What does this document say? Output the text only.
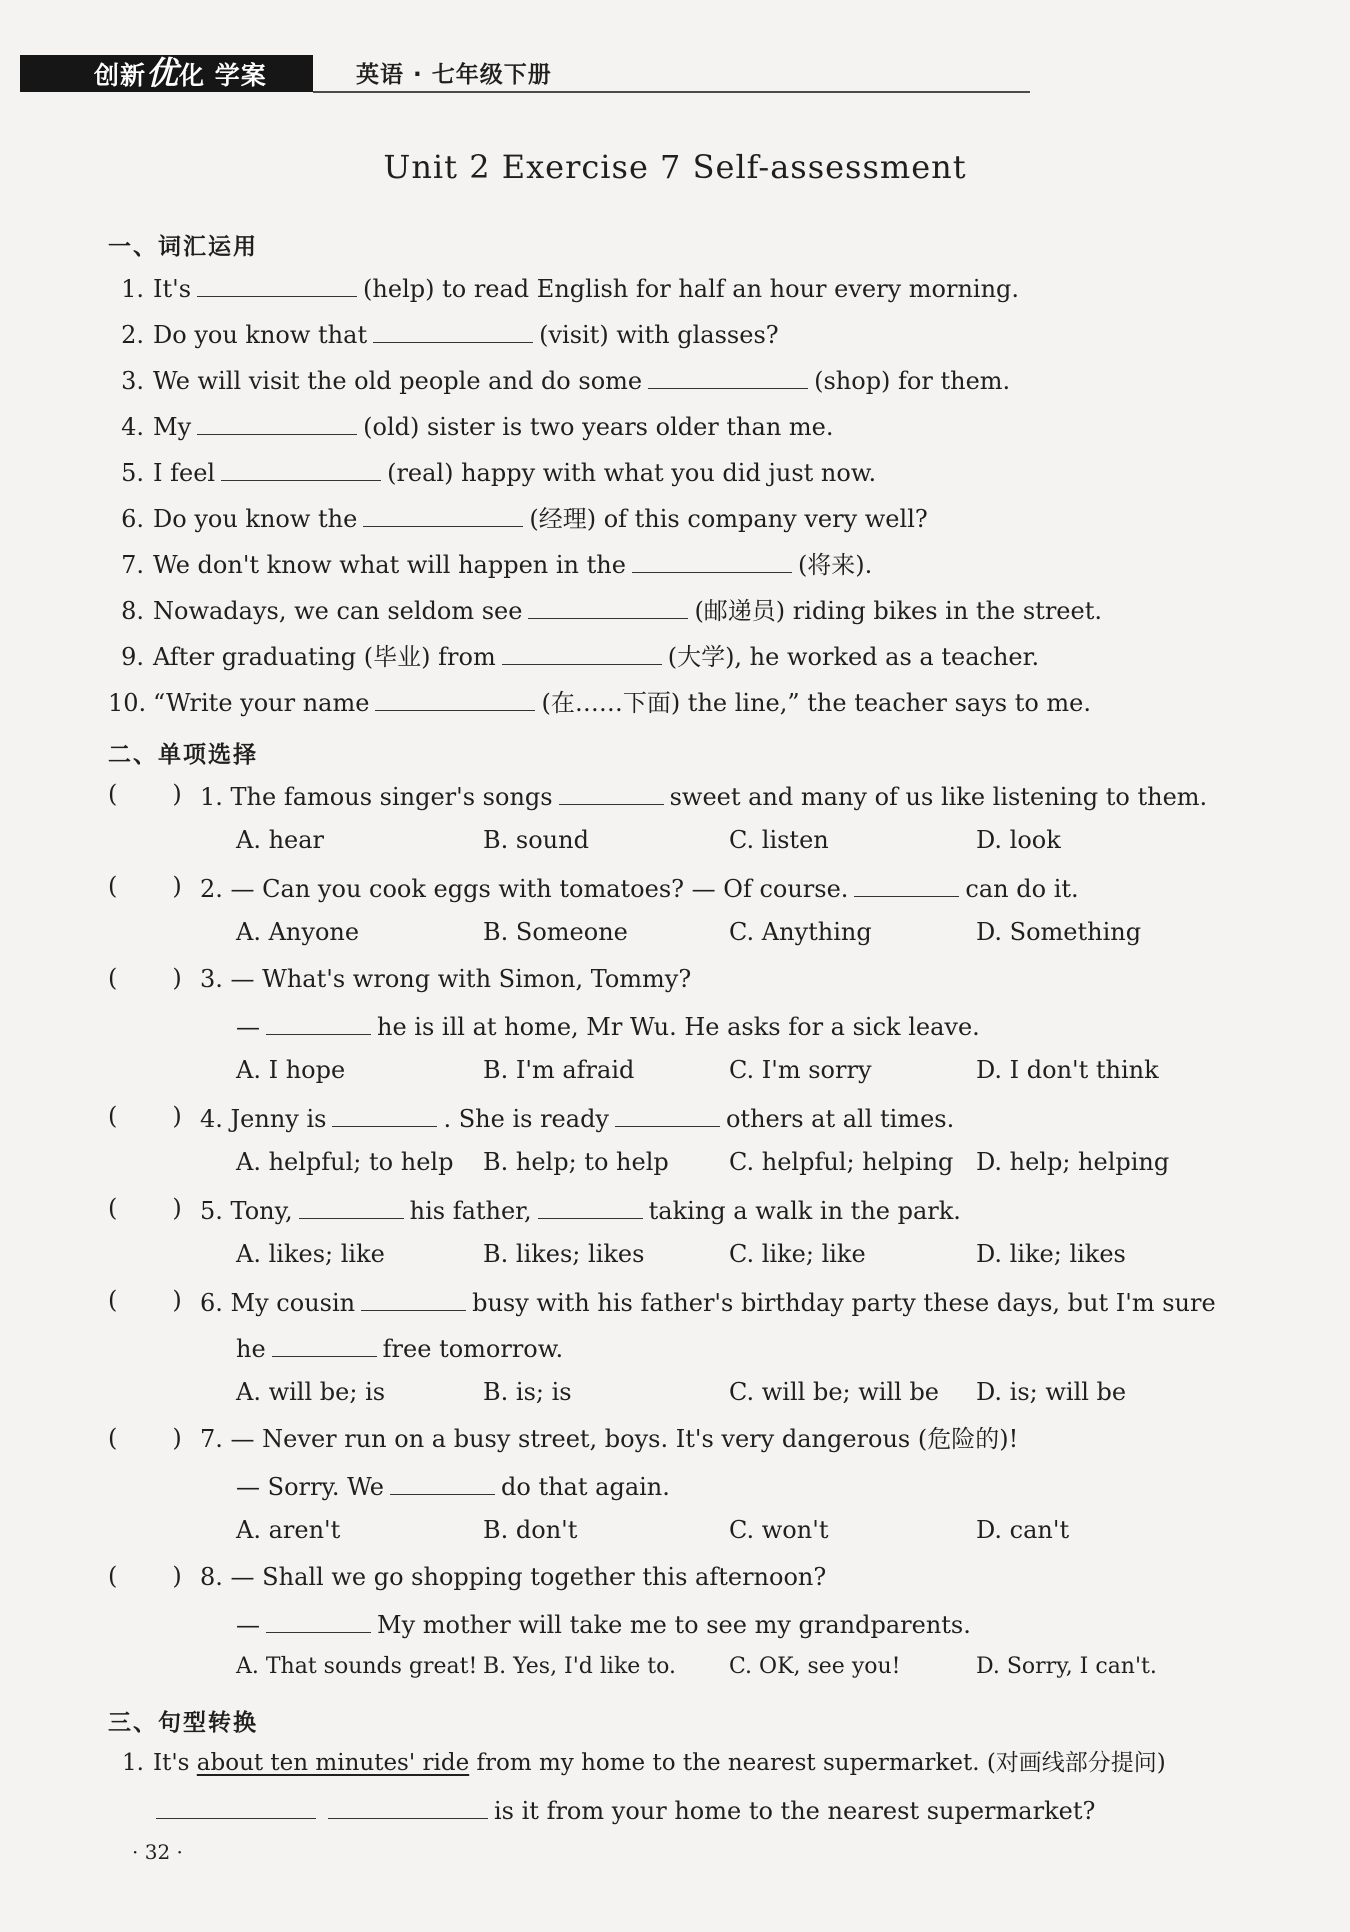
创新优化 学案	英语 · 七年级下册
Unit 2 Exercise 7 Self-assessment
一、词汇运用
1. It's	(help) to read English for half an hour every morning.
2. Do you know that	(visit) with glasses?
3. We will visit the old people and do some	(shop) for them.
4. My	(old) sister is two years older than me.
5. I feel	(real) happy with what you did just now.
6. Do you know the	(经理) of this company very well?
7. We don't know what will happen in the	(将来).
8. Nowadays, we can seldom see	(邮递员) riding bikes in the street.
9. After graduating (毕业) from	(大学), he worked as a teacher.
10. “Write your name	(在……下面) the line,” the teacher says to me.
二、单项选择
( ) 1. The famous singer's songs	sweet and many of us like listening to them.
A. hear	B. sound	C. listen	D. look
( ) 2. — Can you cook eggs with tomatoes? — Of course.	can do it.
A. Anyone	B. Someone	C. Anything	D. Something
( ) 3. — What's wrong with Simon, Tommy?
—	he is ill at home, Mr Wu. He asks for a sick leave.
A. I hope	B. I'm afraid	C. I'm sorry	D. I don't think
( ) 4. Jenny is	. She is ready	others at all times.
A. helpful; to help B. help; to help	C. helpful; helping D. help; helping
( ) 5. Tony,	his father,	taking a walk in the park.
A. likes; like	B. likes; likes	C. like; like	D. like; likes
( ) 6. My cousin	busy with his father's birthday party these days, but I'm sure
he	free tomorrow.
A. will be; is	B. is; is	C. will be; will be D. is; will be
( ) 7. — Never run on a busy street, boys. It's very dangerous (危险的)!
— Sorry. We	do that again.
A. aren't	B. don't	C. won't	D. can't
( ) 8. — Shall we go shopping together this afternoon?
—	My mother will take me to see my grandparents.
A. That sounds great! B. Yes, I'd like to. C. OK, see you!	D. Sorry, I can't.
三、句型转换
1. It's about ten minutes' ride from my home to the nearest supermarket. (对画线部分提问)
is it from your home to the nearest supermarket?
· 32 ·
